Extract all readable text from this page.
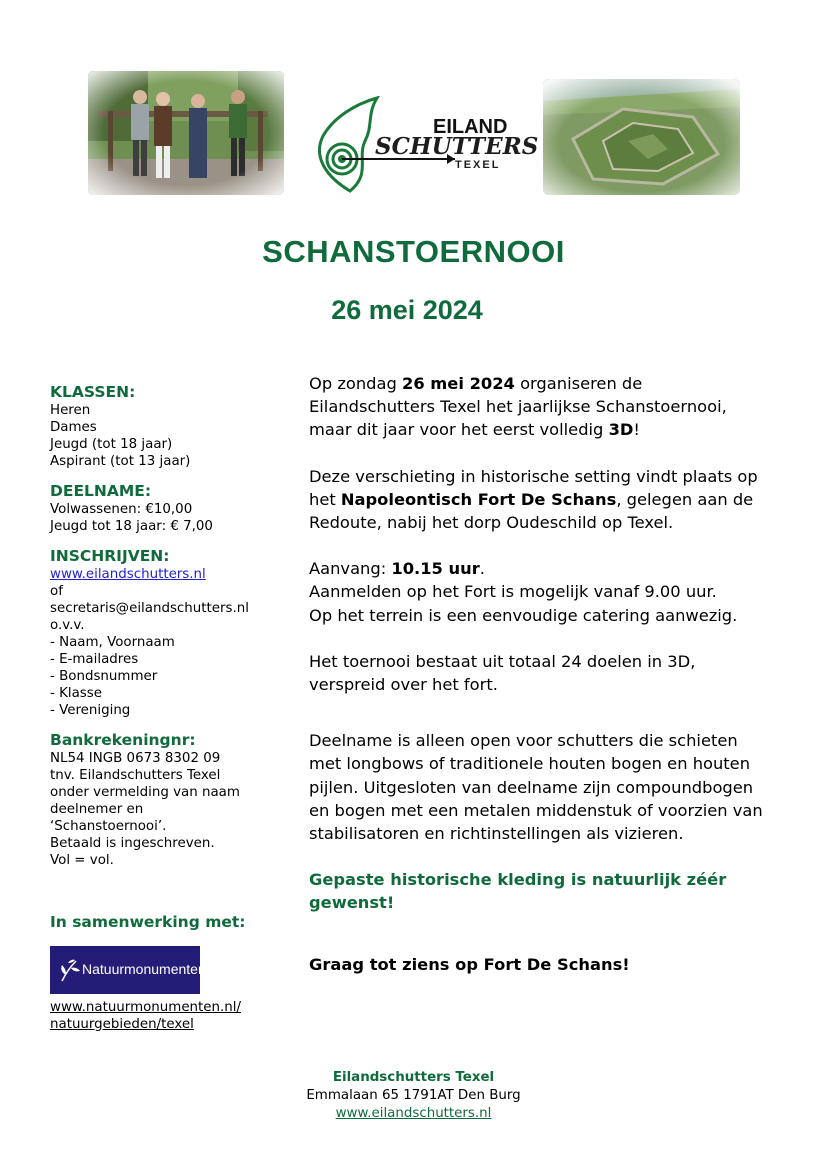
EILAND
SCHUTTERS
TEXEL
SCHANSTOERNOOI
26 mei 2024
KLASSEN:
Heren
Dames
Jeugd (tot 18 jaar)
Aspirant (tot 13 jaar)
DEELNAME:
Volwassenen: €10,00
Jeugd tot 18 jaar: € 7,00
INSCHRIJVEN:
www.eilandschutters.nl
of
secretaris@eilandschutters.nl
o.v.v.
- Naam, Voornaam
- E-mailadres
- Bondsnummer
- Klasse
- Vereniging
Bankrekeningnr:
NL54 INGB 0673 8302 09
tnv. Eilandschutters Texel
onder vermelding van naam
deelnemer en
‘Schanstoernooi’.
Betaald is ingeschreven.
Vol = vol.
In samenwerking met:
Natuurmonumenten
www.natuurmonumenten.nl/
natuurgebieden/texel

Op zondag 26 mei 2024 organiseren de
Eilandschutters Texel het jaarlijkse Schanstoernooi,
maar dit jaar voor het eerst volledig 3D!

Deze verschieting in historische setting vindt plaats op
het Napoleontisch Fort De Schans, gelegen aan de
Redoute, nabij het dorp Oudeschild op Texel.

Aanvang: 10.15 uur.
Aanmelden op het Fort is mogelijk vanaf 9.00 uur.
Op het terrein is een eenvoudige catering aanwezig.

Het toernooi bestaat uit totaal 24 doelen in 3D,
verspreid over het fort.

Deelname is alleen open voor schutters die schieten
met longbows of traditionele houten bogen en houten
pijlen. Uitgesloten van deelname zijn compoundbogen
en bogen met een metalen middenstuk of voorzien van
stabilisatoren en richtinstellingen als vizieren.

Gepaste historische kleding is natuurlijk zéér
gewenst!

Graag tot ziens op Fort De Schans!

Eilandschutters Texel
Emmalaan 65 1791AT Den Burg
www.eilandschutters.nl
